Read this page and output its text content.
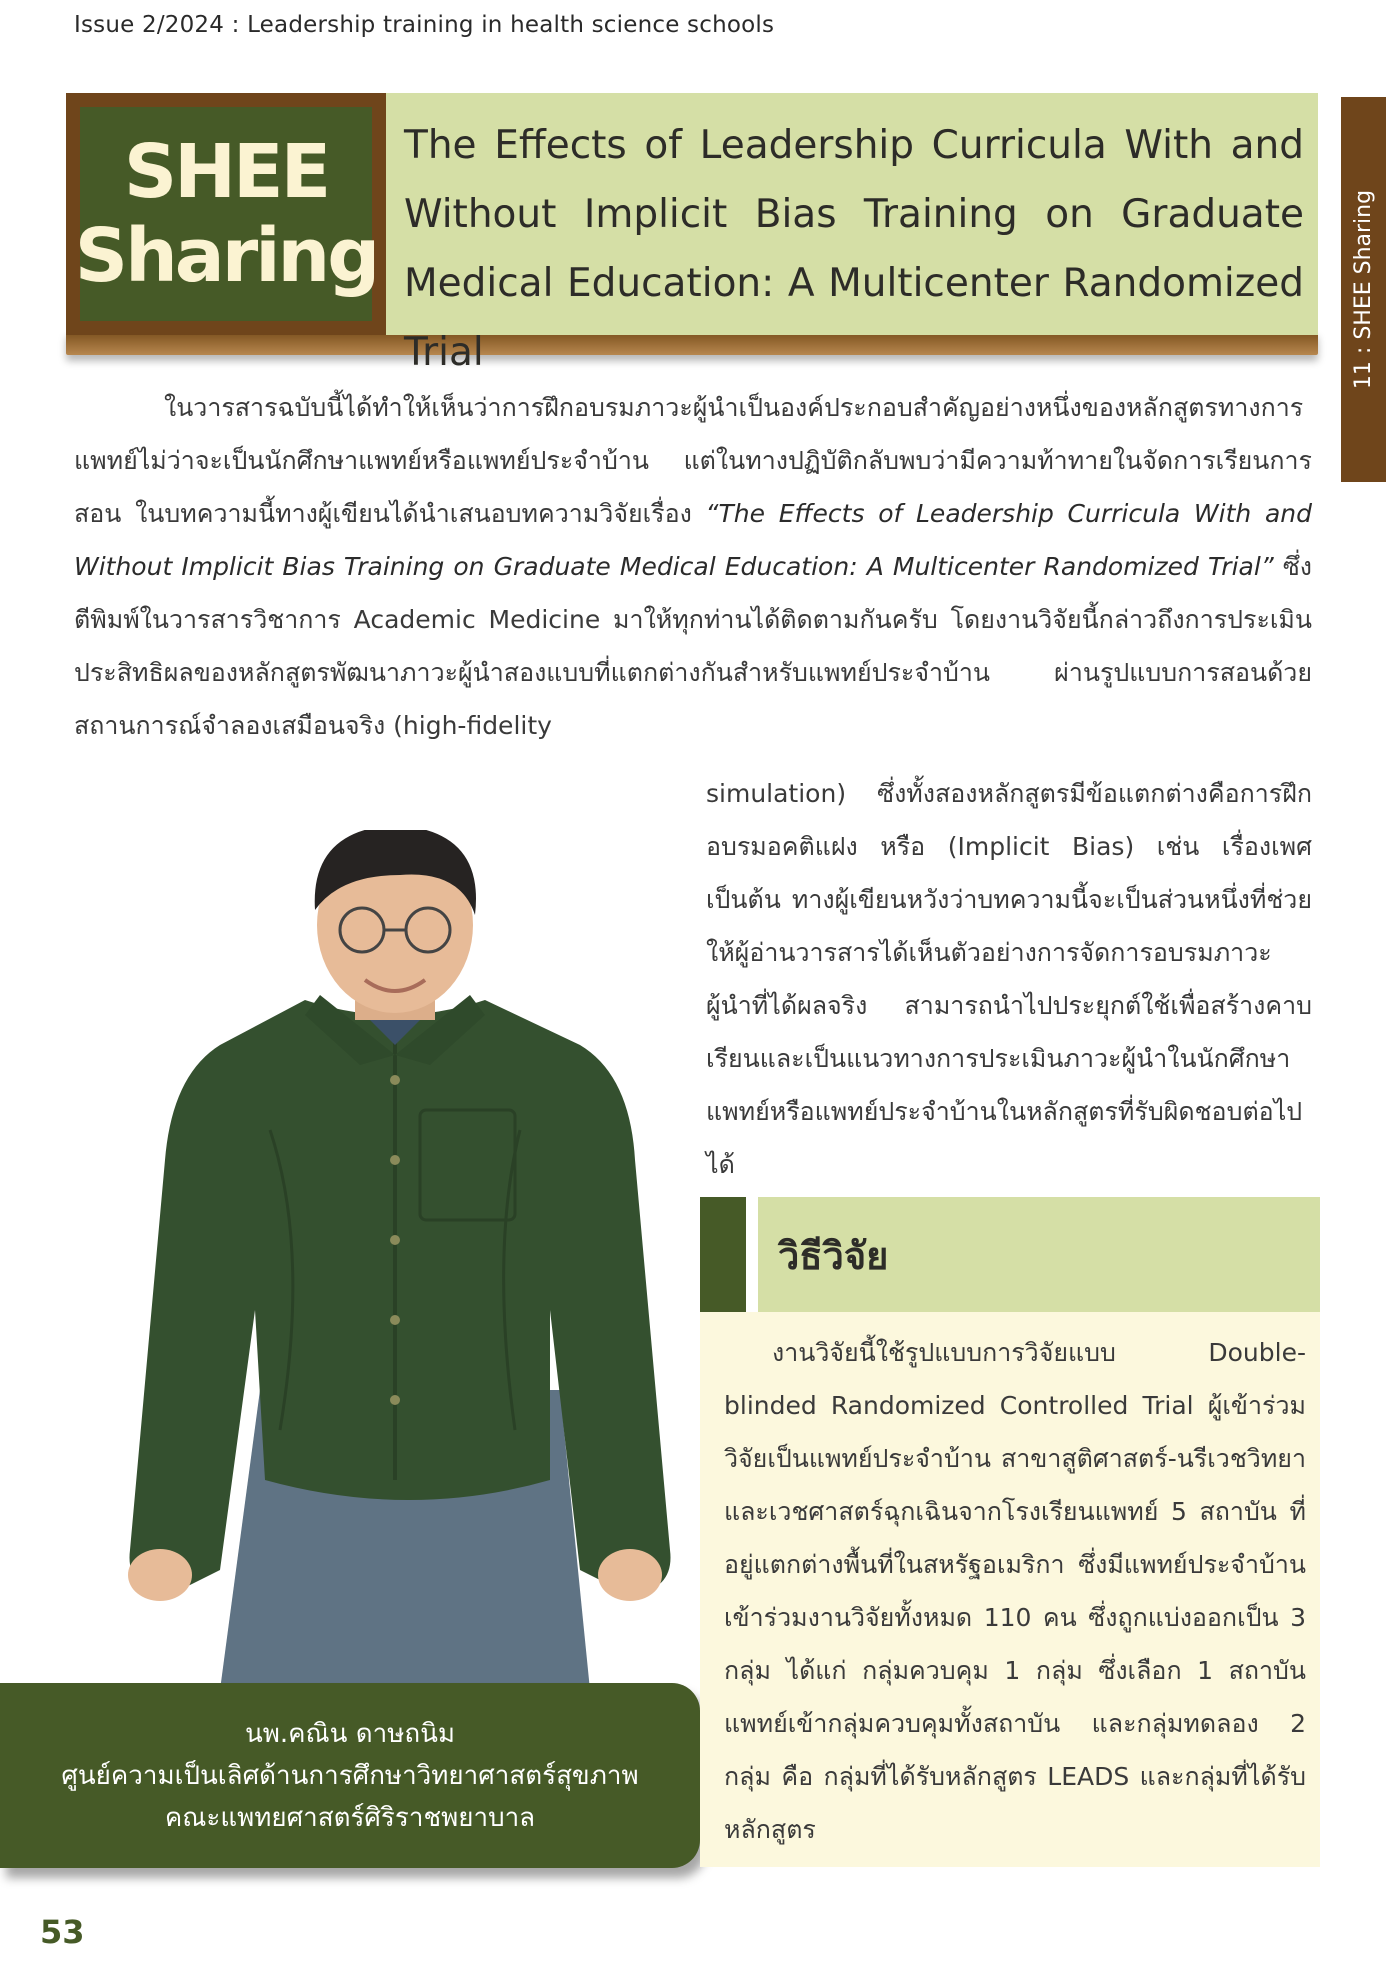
Issue 2/2024 : Leadership training in health science schools
11 : SHEE Sharing
SHEE
Sharing
The Effects of Leadership Curricula With and Without Implicit Bias Training on Graduate Medical Education: A Multicenter Randomized Trial

ในวารสารฉบับนี้ได้ทำให้เห็นว่าการฝึกอบรมภาวะผู้นำเป็นองค์ประกอบสำคัญอย่างหนึ่งของหลักสูตรทางการแพทย์ไม่ว่าจะเป็นนักศึกษาแพทย์หรือแพทย์ประจำบ้าน แต่ในทางปฏิบัติกลับพบว่ามีความท้าทายในจัดการเรียนการสอน ในบทความนี้ทางผู้เขียนได้นำเสนอบทความวิจัยเรื่อง “The Effects of Leadership Curricula With and Without Implicit Bias Training on Graduate Medical Education: A Multicenter Randomized Trial” ซึ่งตีพิมพ์ในวารสารวิชาการ Academic Medicine มาให้ทุกท่านได้ติดตามกันครับ โดยงานวิจัยนี้กล่าวถึงการประเมินประสิทธิผลของหลักสูตรพัฒนาภาวะผู้นำสองแบบที่แตกต่างกันสำหรับแพทย์ประจำบ้าน ผ่านรูปแบบการสอนด้วยสถานการณ์จำลองเสมือนจริง (high-fidelity

simulation) ซึ่งทั้งสองหลักสูตรมีข้อแตกต่างคือการฝึกอบรมอคติแฝง หรือ (Implicit Bias) เช่น เรื่องเพศ เป็นต้น ทางผู้เขียนหวังว่าบทความนี้จะเป็นส่วนหนึ่งที่ช่วยให้ผู้อ่านวารสารได้เห็นตัวอย่างการจัดการอบรมภาวะผู้นำที่ได้ผลจริง สามารถนำไปประยุกต์ใช้เพื่อสร้างคาบเรียนและเป็นแนวทางการประเมินภาวะผู้นำในนักศึกษาแพทย์หรือแพทย์ประจำบ้านในหลักสูตรที่รับผิดชอบต่อไปได้

นพ.คณิน ดาษถนิม
ศูนย์ความเป็นเลิศด้านการศึกษาวิทยาศาสตร์สุขภาพ
คณะแพทยศาสตร์ศิริราชพยาบาล
วิธีวิจัย

งานวิจัยนี้ใช้รูปแบบการวิจัยแบบ Double-blinded Randomized Controlled Trial ผู้เข้าร่วมวิจัยเป็นแพทย์ประจำบ้าน สาขาสูติศาสตร์-นรีเวชวิทยา และเวชศาสตร์ฉุกเฉินจากโรงเรียนแพทย์ 5 สถาบัน ที่อยู่แตกต่างพื้นที่ในสหรัฐอเมริกา ซึ่งมีแพทย์ประจำบ้านเข้าร่วมงานวิจัยทั้งหมด 110 คน ซึ่งถูกแบ่งออกเป็น 3 กลุ่ม ได้แก่ กลุ่มควบคุม 1 กลุ่ม ซึ่งเลือก 1 สถาบันแพทย์เข้ากลุ่มควบคุมทั้งสถาบัน และกลุ่มทดลอง 2 กลุ่ม คือ กลุ่มที่ได้รับหลักสูตร LEADS และกลุ่มที่ได้รับหลักสูตร

53
